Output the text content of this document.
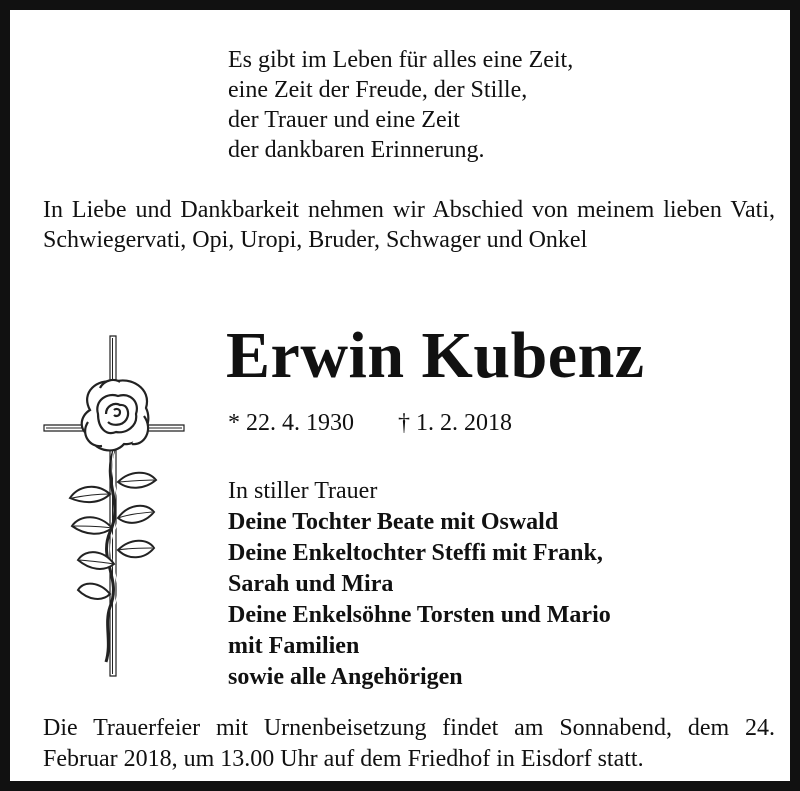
Es gibt im Leben für alles eine Zeit,
eine Zeit der Freude, der Stille,
der Trauer und eine Zeit
der dankbaren Erinnerung.
In Liebe und Dankbarkeit nehmen wir Abschied von meinem lieben Vati, Schwiegervati, Opi, Uropi, Bruder, Schwager und Onkel
Erwin Kubenz
* 22. 4. 1930 † 1. 2. 2018
In stiller Trauer
Deine Tochter Beate mit Oswald
Deine Enkeltochter Steffi mit Frank,
Sarah und Mira
Deine Enkelsöhne Torsten und Mario
mit Familien
sowie alle Angehörigen
Die Trauerfeier mit Urnenbeisetzung findet am Sonnabend, dem 24. Februar 2018, um 13.00 Uhr auf dem Friedhof in Eisdorf statt.
